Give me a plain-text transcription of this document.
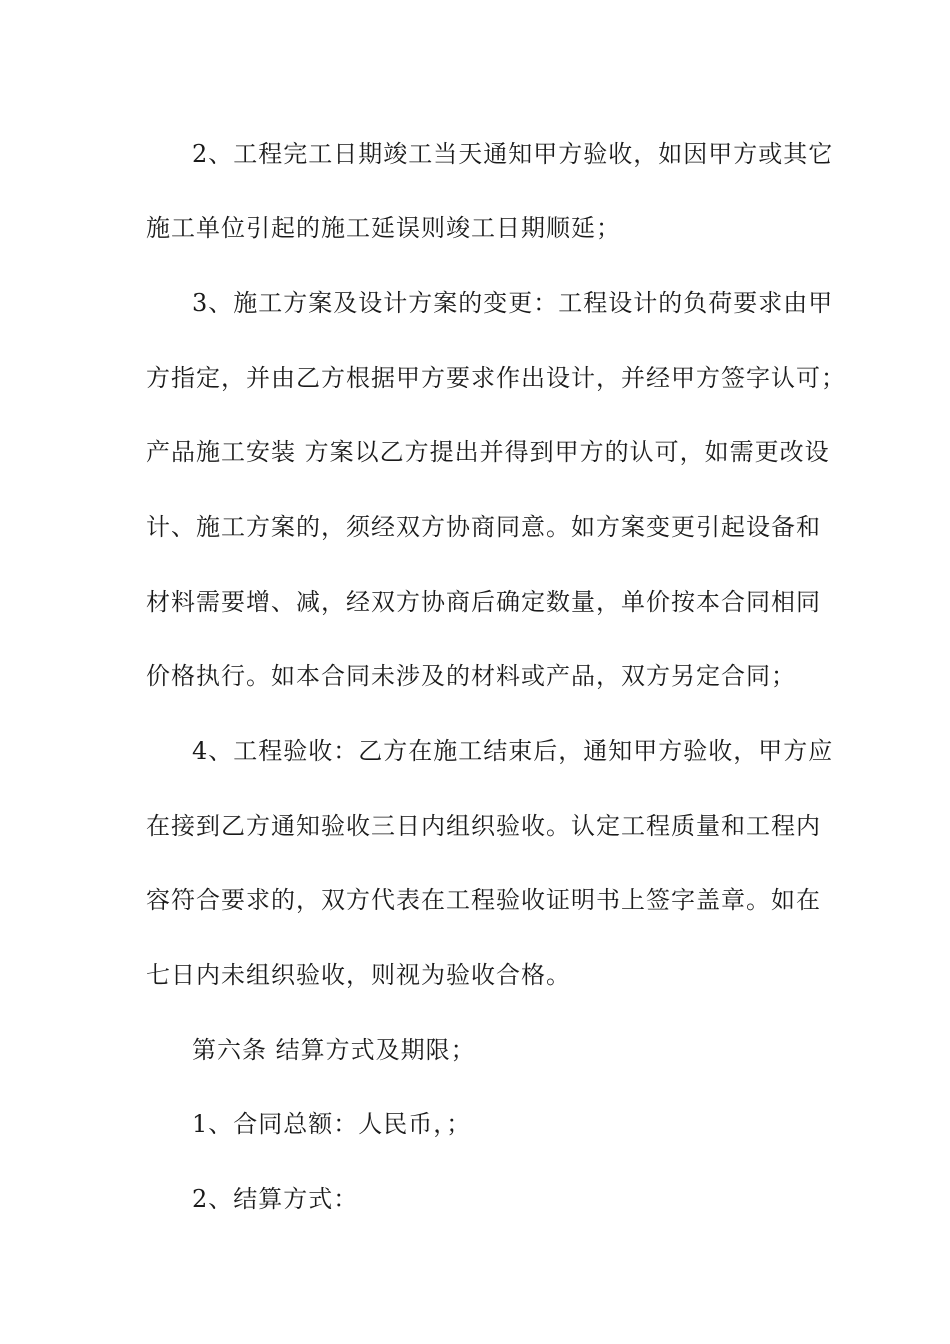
2、工程完工日期竣工当天通知甲方验收，如因甲方或其它
施工单位引起的施工延误则竣工日期顺延；
3、施工方案及设计方案的变更：工程设计的负荷要求由甲
方指定，并由乙方根据甲方要求作出设计，并经甲方签字认可；
产品施工安装 方案以乙方提出并得到甲方的认可，如需更改设
计、施工方案的，须经双方协商同意。如方案变更引起设备和
材料需要增、减，经双方协商后确定数量，单价按本合同相同
价格执行。如本合同未涉及的材料或产品，双方另定合同；
4、工程验收：乙方在施工结束后，通知甲方验收，甲方应
在接到乙方通知验收三日内组织验收。认定工程质量和工程内
容符合要求的，双方代表在工程验收证明书上签字盖章。如在
七日内未组织验收，则视为验收合格。
第六条 结算方式及期限；
1、合同总额：人民币，；
2、结算方式：
